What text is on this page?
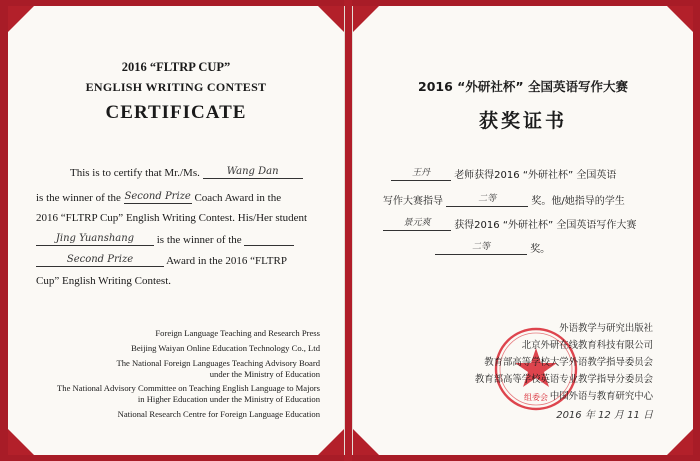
2016 “FLTRP CUP”
ENGLISH WRITING CONTEST
CERTIFICATE
This is to certify that Mr./Ms.	Wang Dan
is the winner of the Second Prize Coach Award in the
2016 “FLTRP Cup” English Writing Contest. His/Her student
Jing Yuanshang is the winner of the
Second Prize	Award in the 2016 “FLTRP
Cup” English Writing Contest.
Foreign Language Teaching and Research Press
Beijing Waiyan Online Education Technology Co., Ltd
The National Foreign Languages Teaching Advisory Board
under the Ministry of Education
The National Advisory Committee on Teaching English Language to Majors
in Higher Education under the Ministry of Education
National Research Centre for Foreign Language Education
2016 “外研社杯” 全国英语写作大赛
获奖证书
王丹 老师获得2016 “外研社杯” 全国英语
写作大赛指导	二等	奖。他/她指导的学生
景元爽 获得2016 “外研社杯” 全国英语写作大赛
二等	奖。
组委会
外语教学与研究出版社
北京外研在线教育科技有限公司
教育部高等学校大学外语教学指导委员会
教育部高等学校英语专业教学指导分委员会
中国外语与教育研究中心
2016 年 12 月 11 日
